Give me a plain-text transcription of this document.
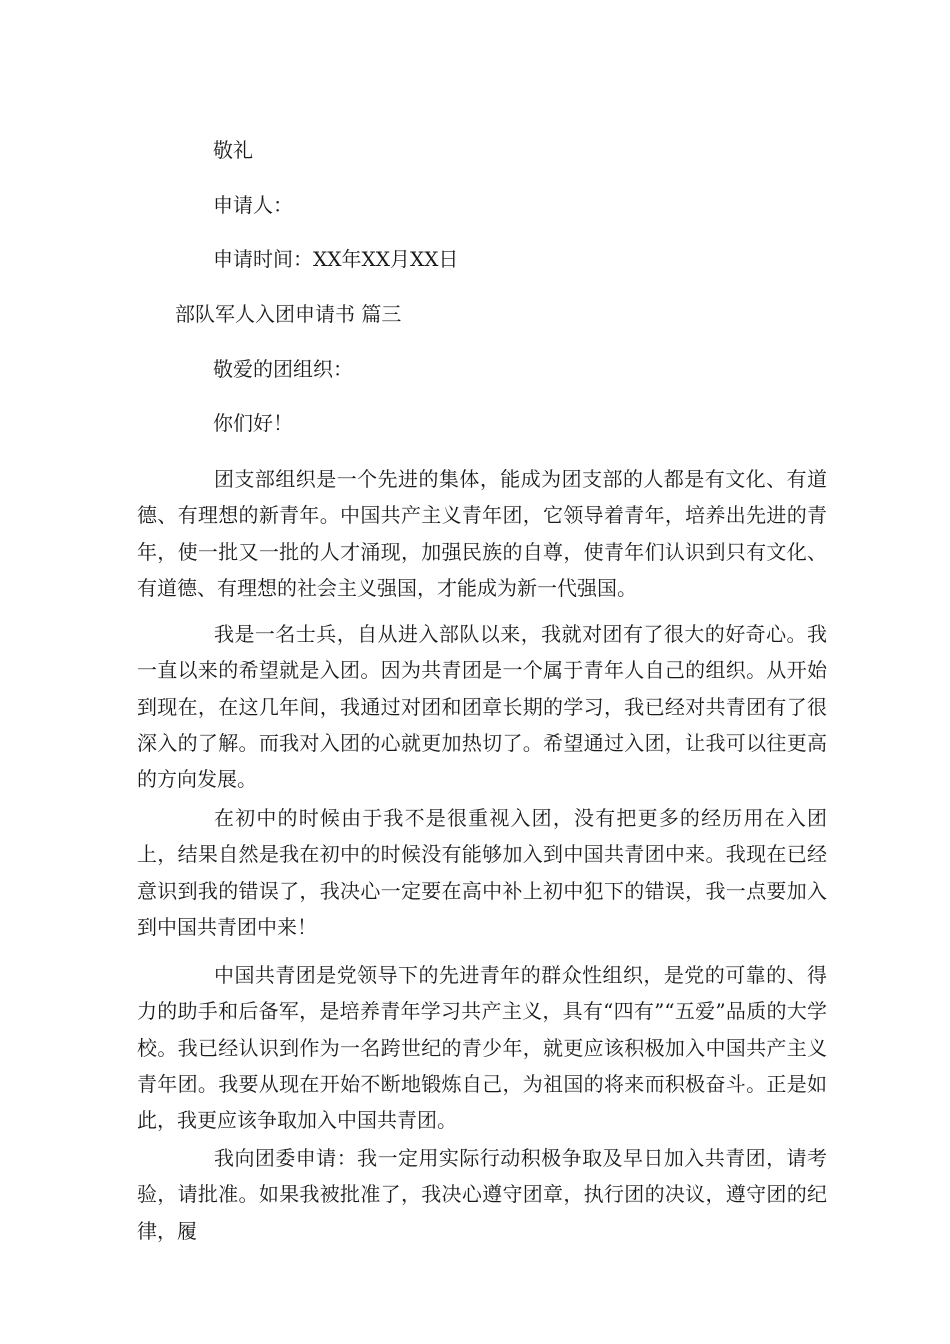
敬礼
申请人：
申请时间：XX年XX月XX日
部队军人入团申请书 篇三
敬爱的团组织：
你们好！

团支部组织是一个先进的集体，能成为团支部的人都是有文化、有道德、有理想的新青年。中国共产主义青年团，它领导着青年，培养出先进的青年，使一批又一批的人才涌现，加强民族的自尊，使青年们认识到只有文化、有道德、有理想的社会主义强国，才能成为新一代强国。

我是一名士兵，自从进入部队以来，我就对团有了很大的好奇心。我一直以来的希望就是入团。因为共青团是一个属于青年人自己的组织。从开始到现在，在这几年间，我通过对团和团章长期的学习，我已经对共青团有了很深入的了解。而我对入团的心就更加热切了。希望通过入团，让我可以往更高的方向发展。

在初中的时候由于我不是很重视入团，没有把更多的经历用在入团上，结果自然是我在初中的时候没有能够加入到中国共青团中来。我现在已经意识到我的错误了，我决心一定要在高中补上初中犯下的错误，我一点要加入到中国共青团中来！

中国共青团是党领导下的先进青年的群众性组织，是党的可靠的、得力的助手和后备军，是培养青年学习共产主义，具有“四有”“五爱”品质的大学校。我已经认识到作为一名跨世纪的青少年，就更应该积极加入中国共产主义青年团。我要从现在开始不断地锻炼自己，为祖国的将来而积极奋斗。正是如此，我更应该争取加入中国共青团。

我向团委申请：我一定用实际行动积极争取及早日加入共青团，请考验，请批准。如果我被批准了，我决心遵守团章，执行团的决议，遵守团的纪律，履
